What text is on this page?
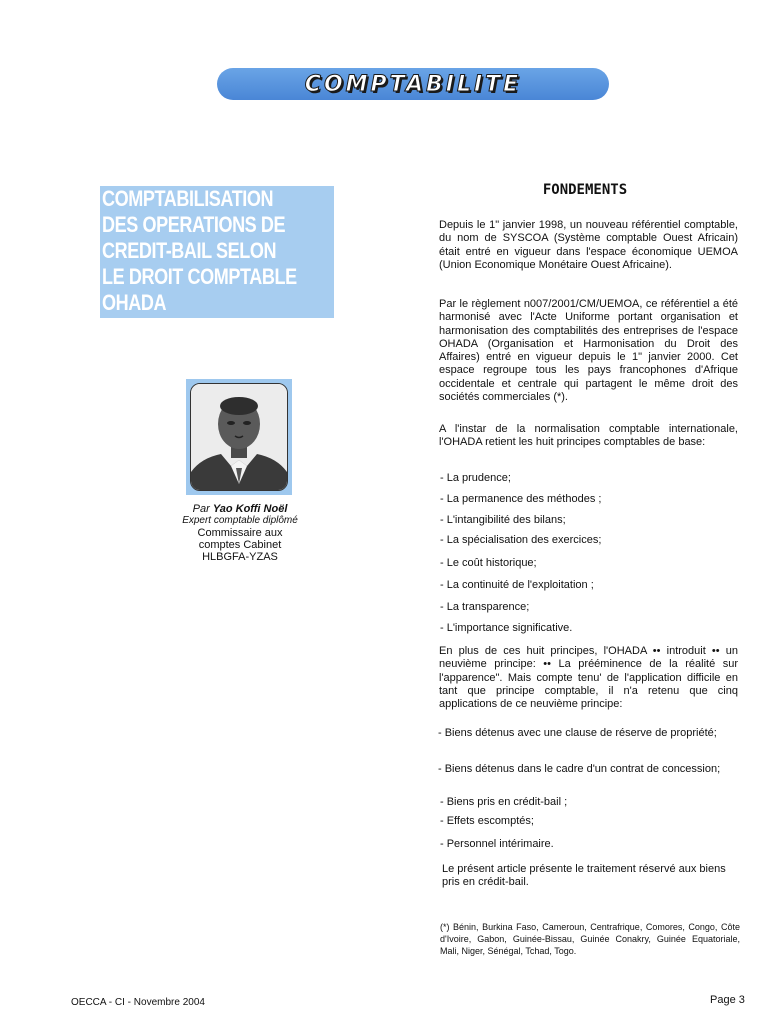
COMPTABILITE
COMPTABILISATION
DES OPERATIONS DE
CREDIT-BAIL SELON
LE DROIT COMPTABLE
OHADA
Par Yao Koffi Noël
Expert comptable diplômé
Commissaire aux
comptes Cabinet
HLBGFA-YZAS
FONDEMENTS

Depuis le 1" janvier 1998, un nouveau référentiel comptable, du nom de SYSCOA (Système comptable Ouest Africain) était entré en vigueur dans l'espace économique UEMOA (Union Economique Monétaire Ouest Africaine).

Par le règlement n007/2001/CM/UEMOA, ce référentiel a été harmonisé avec l'Acte Uniforme portant organisation et harmonisation des comptabilités des entreprises de l'espace OHADA (Organisation et Harmonisation du Droit des Affaires) entré en vigueur depuis le 1" janvier 2000. Cet espace regroupe tous les pays francophones d'Afrique occidentale et centrale qui partagent le même droit des sociétés commerciales (*).

A l'instar de la normalisation comptable internationale, l'OHADA retient les huit principes comptables de base:

- La prudence;
- La permanence des méthodes ;
- L'intangibilité des bilans;
- La spécialisation des exercices;
- Le coût historique;
- La continuité de l'exploitation ;
- La transparence;
- L'importance significative.

En plus de ces huit principes, l'OHADA •• introduit •• un neuvième principe: •• La prééminence de la réalité sur l'apparence". Mais compte tenu' de l'application difficile en tant que principe comptable, il n'a retenu que cinq applications de ce neuvième principe:

- Biens détenus avec une clause de réserve de propriété;
- Biens détenus dans le cadre d'un contrat de concession;
- Biens pris en crédit-bail ;
- Effets escomptés;
- Personnel intérimaire.

Le présent article présente le traitement réservé aux biens pris en crédit-bail.

(*) Bénin, Burkina Faso, Cameroun, Centrafrique, Comores, Congo, Côte d'Ivoire, Gabon, Guinée-Bissau, Guinée Conakry, Guinée Equatoriale, Mali, Niger, Sénégal, Tchad, Togo.
OECCA - CI - Novembre 2004	Page 3
